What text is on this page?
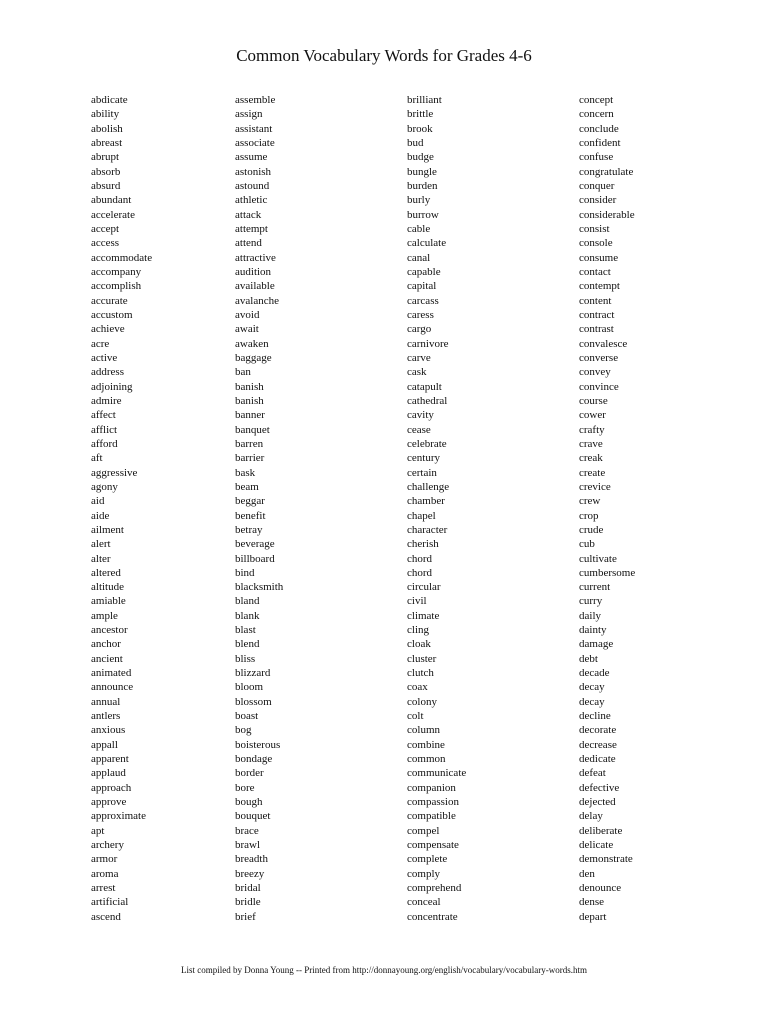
Common Vocabulary Words for Grades 4-6
abdicate
ability
abolish
abreast
abrupt
absorb
absurd
abundant
accelerate
accept
access
accommodate
accompany
accomplish
accurate
accustom
achieve
acre
active
address
adjoining
admire
affect
afflict
afford
aft
aggressive
agony
aid
aide
ailment
alert
alter
altered
altitude
amiable
ample
ancestor
anchor
ancient
animated
announce
annual
antlers
anxious
appall
apparent
applaud
approach
approve
approximate
apt
archery
armor
aroma
arrest
artificial
ascend
assemble
assign
assistant
associate
assume
astonish
astound
athletic
attack
attempt
attend
attractive
audition
available
avalanche
avoid
await
awaken
baggage
ban
banish
banish
banner
banquet
barren
barrier
bask
beam
beggar
benefit
betray
beverage
billboard
bind
blacksmith
bland
blank
blast
blend
bliss
blizzard
bloom
blossom
boast
bog
boisterous
bondage
border
bore
bough
bouquet
brace
brawl
breadth
breezy
bridal
bridle
brief
brilliant
brittle
brook
bud
budge
bungle
burden
burly
burrow
cable
calculate
canal
capable
capital
carcass
caress
cargo
carnivore
carve
cask
catapult
cathedral
cavity
cease
celebrate
century
certain
challenge
chamber
chapel
character
cherish
chord
chord
circular
civil
climate
cling
cloak
cluster
clutch
coax
colony
colt
column
combine
common
communicate
companion
compassion
compatible
compel
compensate
complete
comply
comprehend
conceal
concentrate
concept
concern
conclude
confident
confuse
congratulate
conquer
consider
considerable
consist
console
consume
contact
contempt
content
contract
contrast
convalesce
converse
convey
convince
course
cower
crafty
crave
creak
create
crevice
crew
crop
crude
cub
cultivate
cumbersome
current
curry
daily
dainty
damage
debt
decade
decay
decay
decline
decorate
decrease
dedicate
defeat
defective
dejected
delay
deliberate
delicate
demonstrate
den
denounce
dense
depart
List compiled by Donna Young -- Printed from http://donnayoung.org/english/vocabulary/vocabulary-words.htm
